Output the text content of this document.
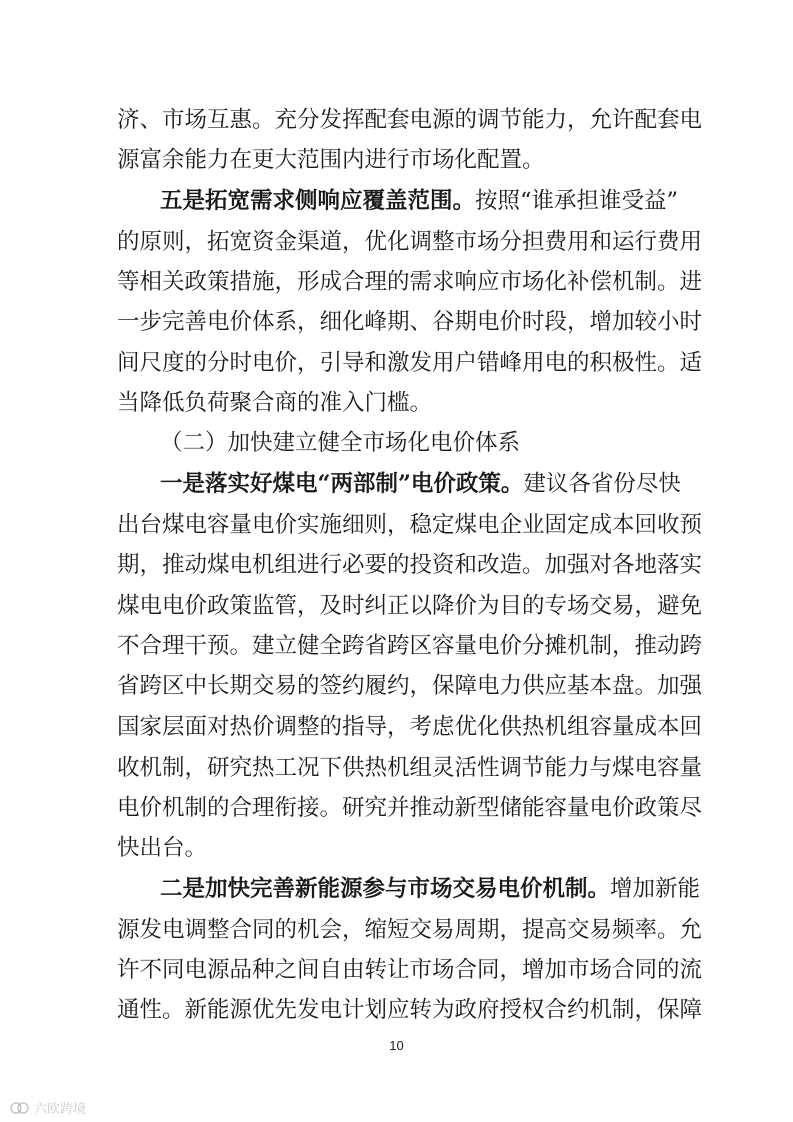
济、市场互惠。充分发挥配套电源的调节能力，允许配套电
源富余能力在更大范围内进行市场化配置。
五是拓宽需求侧响应覆盖范围。按照“谁承担谁受益”
的原则，拓宽资金渠道，优化调整市场分担费用和运行费用
等相关政策措施，形成合理的需求响应市场化补偿机制。进
一步完善电价体系，细化峰期、谷期电价时段，增加较小时
间尺度的分时电价，引导和激发用户错峰用电的积极性。适
当降低负荷聚合商的准入门槛。
（二）加快建立健全市场化电价体系
一是落实好煤电“两部制”电价政策。建议各省份尽快
出台煤电容量电价实施细则，稳定煤电企业固定成本回收预
期，推动煤电机组进行必要的投资和改造。加强对各地落实
煤电电价政策监管，及时纠正以降价为目的专场交易，避免
不合理干预。建立健全跨省跨区容量电价分摊机制，推动跨
省跨区中长期交易的签约履约，保障电力供应基本盘。加强
国家层面对热价调整的指导，考虑优化供热机组容量成本回
收机制，研究热工况下供热机组灵活性调节能力与煤电容量
电价机制的合理衔接。研究并推动新型储能容量电价政策尽
快出台。
二是加快完善新能源参与市场交易电价机制。增加新能
源发电调整合同的机会，缩短交易周期，提高交易频率。允
许不同电源品种之间自由转让市场合同，增加市场合同的流
通性。新能源优先发电计划应转为政府授权合约机制，保障
10
六欧跨境
